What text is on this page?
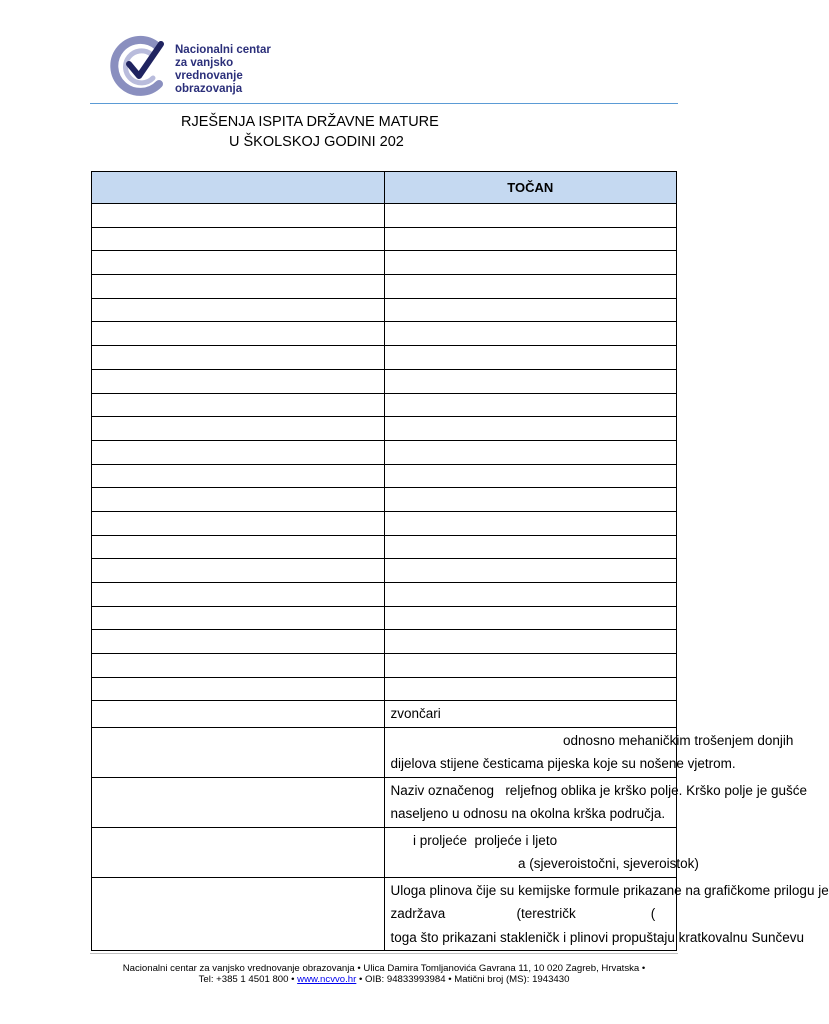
Nacionalni centar
za vanjsko vrednovanje
obrazovanja
RJEŠENJA ISPITA DRŽAVNE MATURE
U ŠKOLSKOJ GODINI 202
	TOČAN

	zvončari

	odnosno mehaničkim trošenjem donjih
dijelova stijene česticama pijeska koje su nošene vjetrom.

	Naziv označenog   reljefnog oblika je krško polje. Krško polje je gušće
naseljeno u odnosu na okolna krška područja.

	i proljeće  proljeće i ljeto
a (sjeveroistočni, sjeveroistok)

	Uloga plinova čije su kemijske formule prikazane na grafičkome prilogu je
zadržava                   (terestričk                    (
toga što prikazani stakleničk i plinovi propuštaju kratkovalnu Sunčevu
Nacionalni centar za vanjsko vrednovanje obrazovanja • Ulica Damira Tomljanovića Gavrana 11, 10 020 Zagreb, Hrvatska •
Tel: +385 1 4501 800 • www.ncvvo.hr • OIB: 94833993984 • Matični broj (MS): 1943430
